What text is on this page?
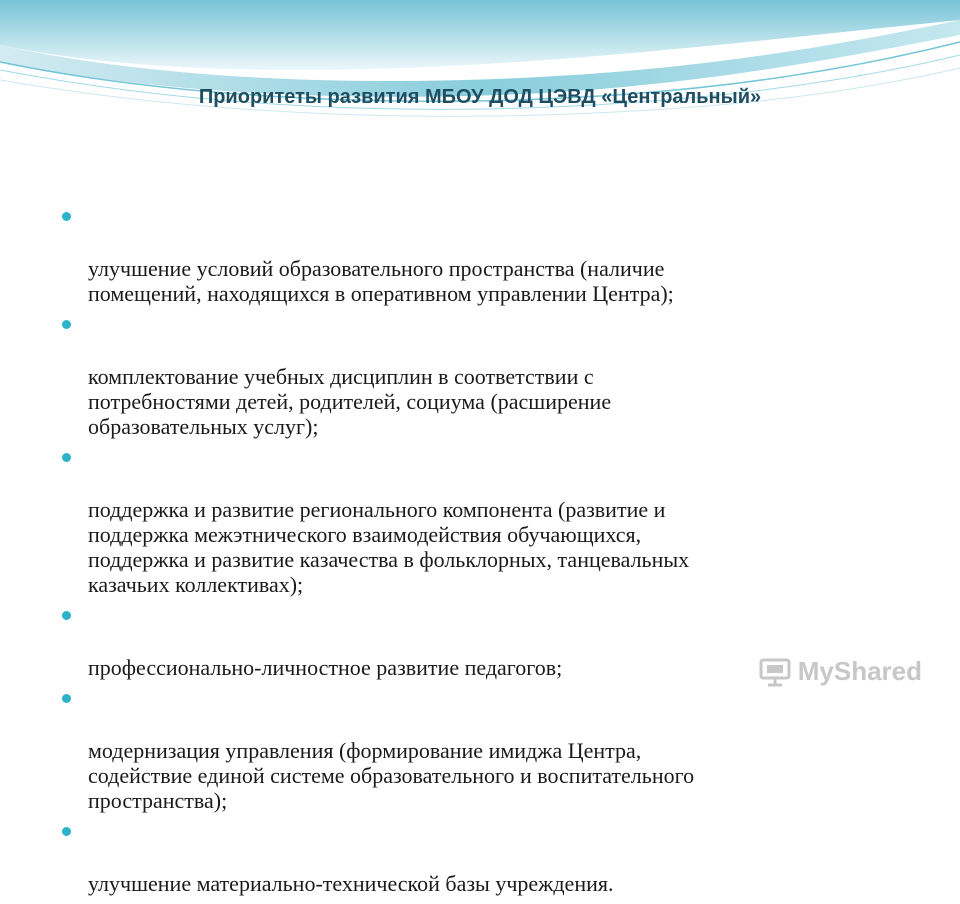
Приоритеты развития МБОУ ДОД ЦЭВД «Центральный»

улучшение условий образовательного пространства (наличие
помещений, находящихся в оперативном управлении Центра);

комплектование учебных дисциплин в соответствии с
потребностями детей, родителей, социума (расширение
образовательных услуг);

поддержка и развитие регионального компонента (развитие и
поддержка межэтнического взаимодействия обучающихся,
поддержка и развитие казачества в фольклорных, танцевальных
казачьих коллективах);

профессионально-личностное развитие педагогов;

модернизация управления (формирование имиджа Центра,
содействие единой системе образовательного и воспитательного
пространства);

улучшение материально-технической базы учреждения.

MyShared
